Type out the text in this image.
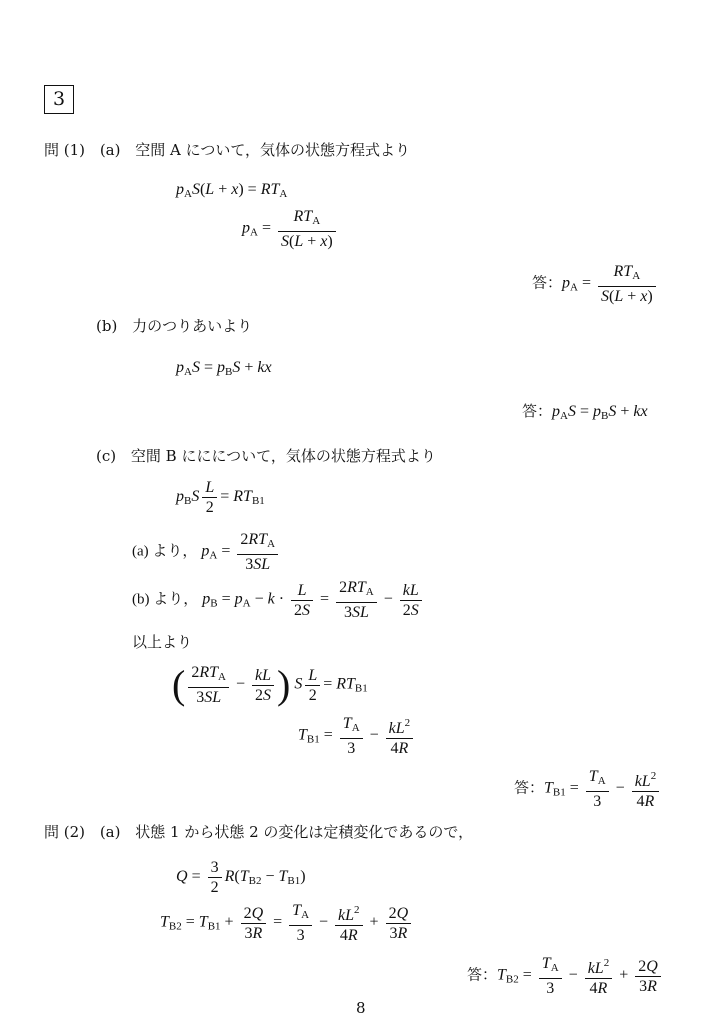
3
問 (1) (a) 空間 A について，気体の状態方程式より
$p_AS(L + x) = RT_A$
$p_A = \frac{RT_A}{S(L + x)}$
答：$p_A = \frac{RT_A}{S(L + x)}$
(b) 力のつりあいより
$p_AS = p_BS$ + kx
答：$p_AS = p_BS$ + kx
(c) 空間 B ににについて，気体の状態方程式より
$p_BS \frac{L}{2} = RT_{B1}$
(a) より， $p_A = \frac{2RT_A}{3SL}$
(b) より， $p_B = p_A - k \cdot \frac{L}{2S} = \frac{2RT_A}{3SL} - \frac{kL}{2S}$
以上より
( $\frac{2RT_A}{3SL} - \frac{kL}{2S}$ ) S $\frac{L}{2} = RT_{B1}$
$T_{B1} = \frac{T_A}{3} - \frac{kL^2}{4R}$
答：$T_{B1} = \frac{T_A}{3} - \frac{kL^2}{4R}$
問 (2) (a) 状態 1 から状態 2 の変化は定積変化であるので，
$Q = \frac{3}{2} R(T_{B2} - T_{B1})$
$T_{B2} = T_{B1} + \frac{2Q}{3R} = \frac{T_A}{3} - \frac{kL^2}{4R} + \frac{2Q}{3R}$
答：$T_{B2} = \frac{T_A}{3} - \frac{kL^2}{4R} + \frac{2Q}{3R}$
8
